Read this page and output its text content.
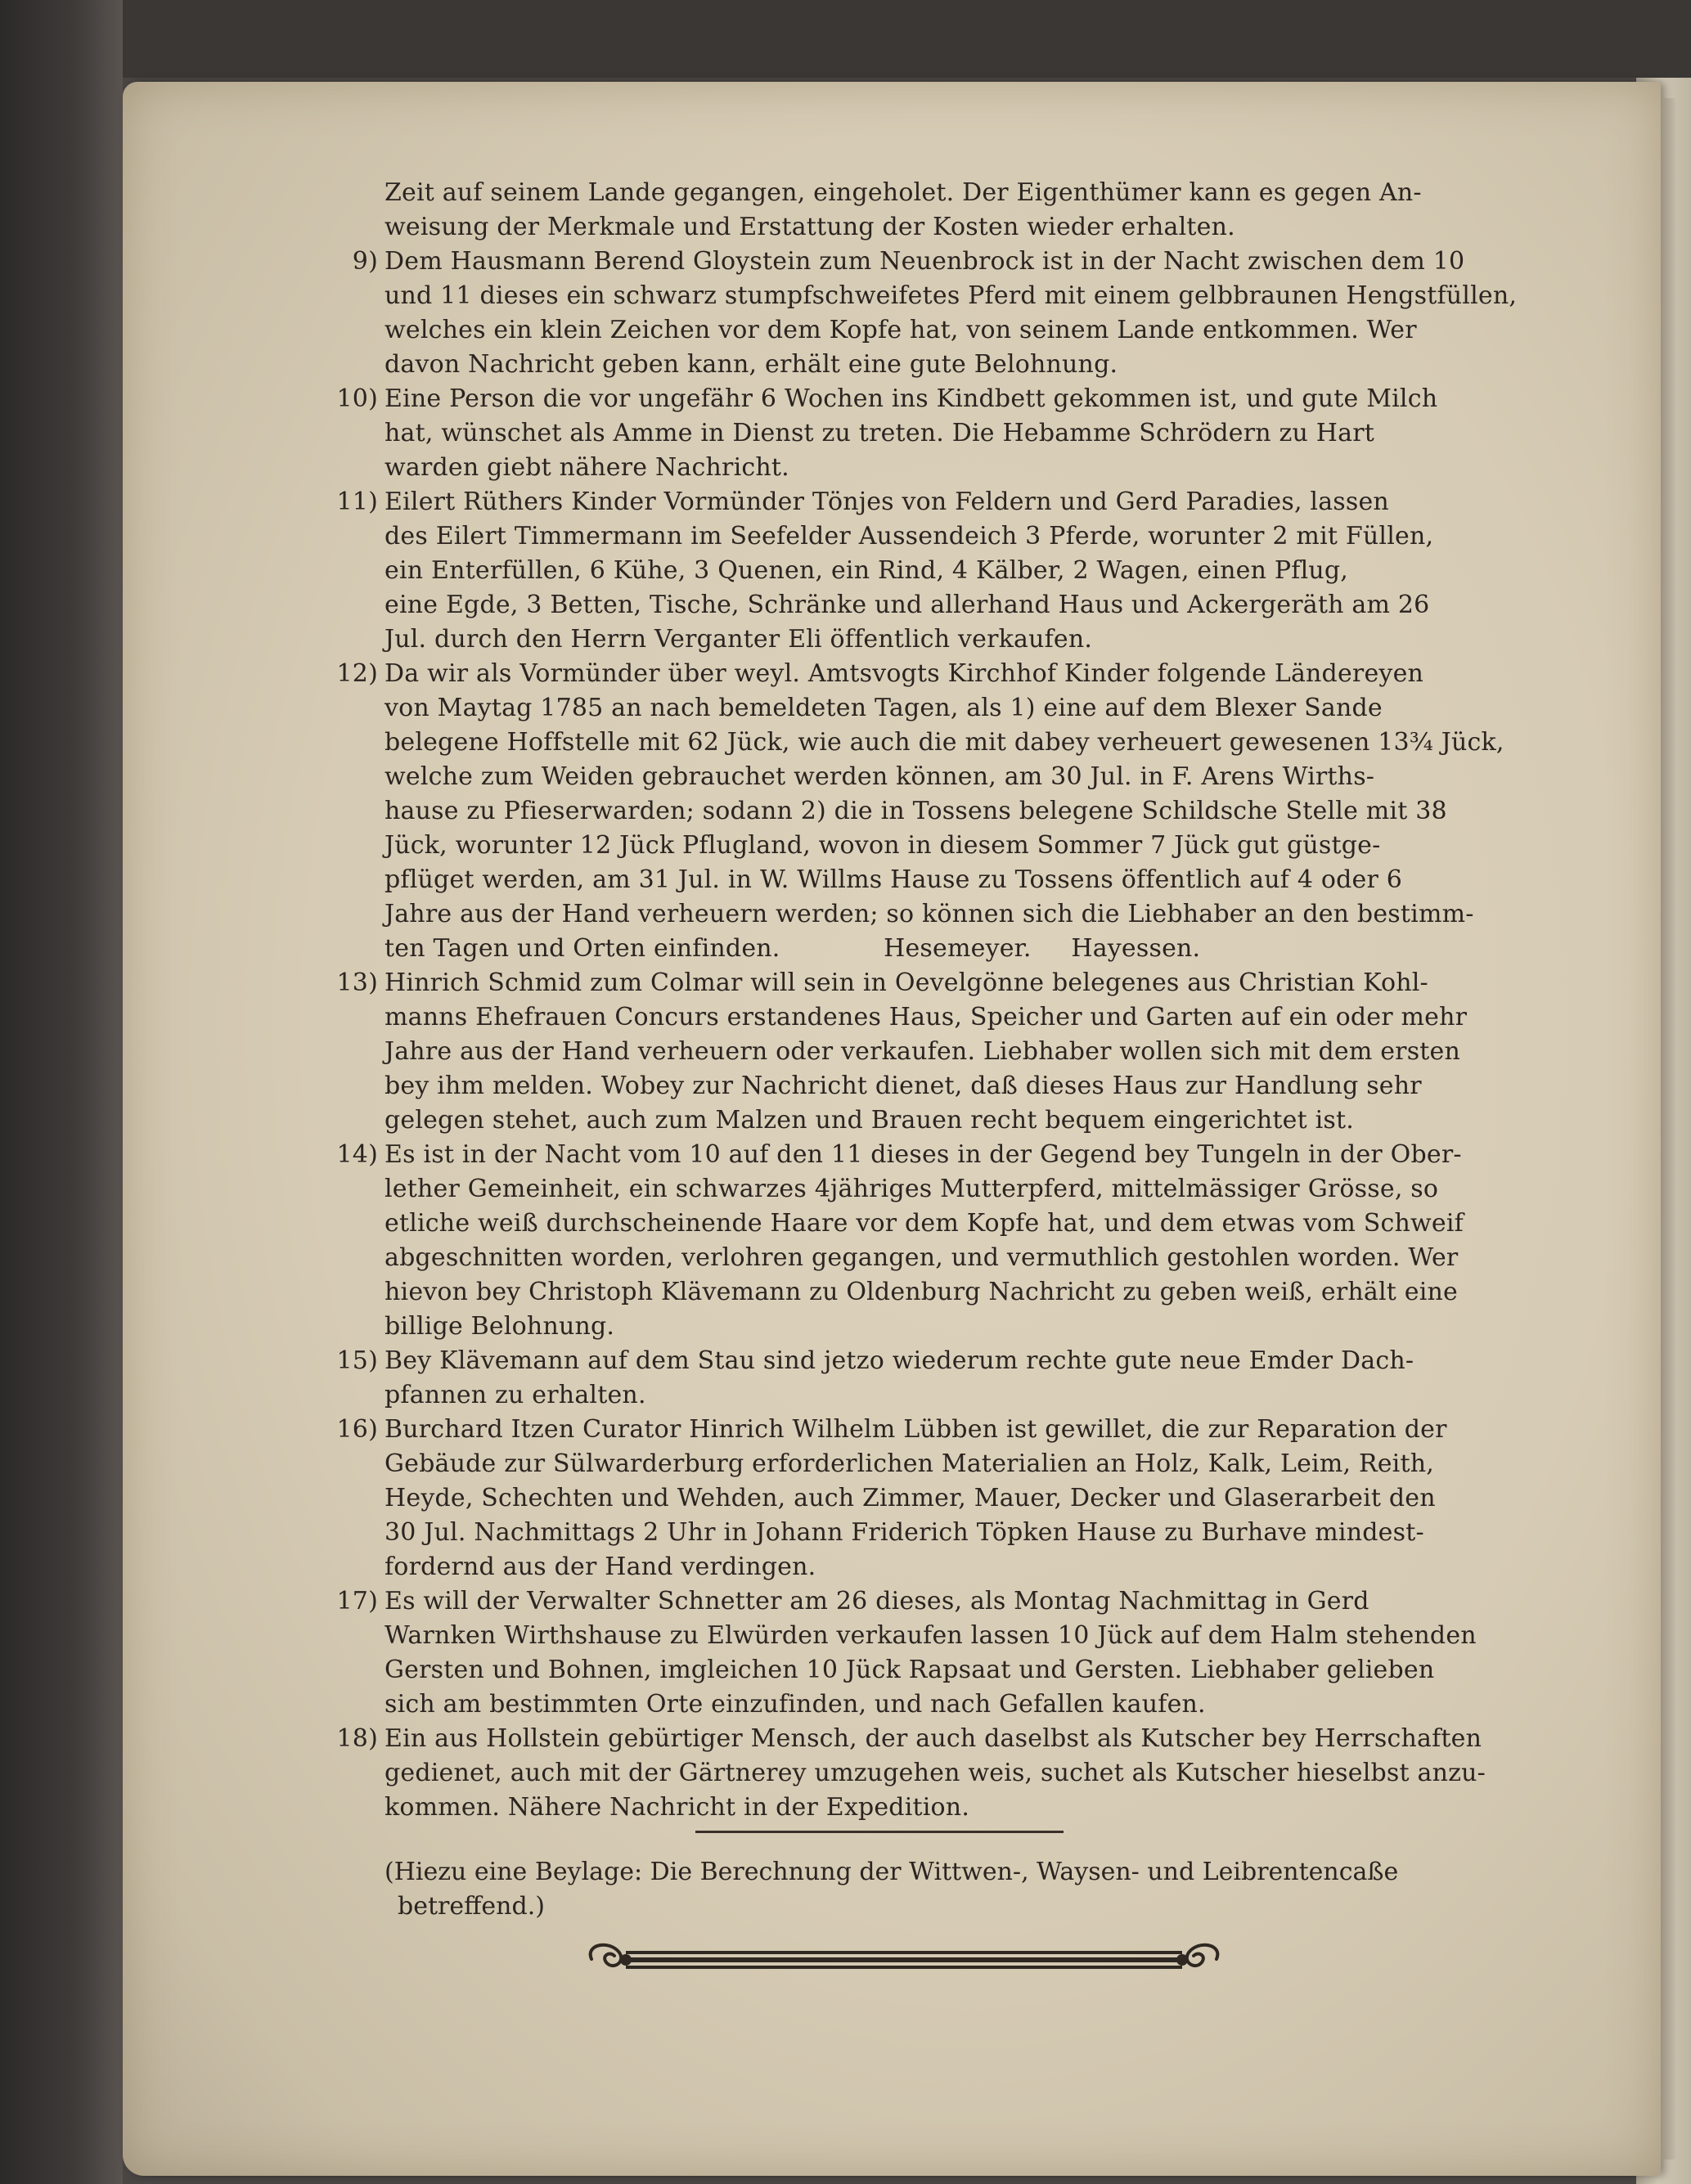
Zeit auf seinem Lande gegangen, eingeholet. Der Eigenthümer kann es gegen An-
weisung der Merkmale und Erstattung der Kosten wieder erhalten.
9) Dem Hausmann Berend Gloystein zum Neuenbrock ist in der Nacht zwischen dem 10
und 11 dieses ein schwarz stumpfschweifetes Pferd mit einem gelbbraunen Hengstfüllen,
welches ein klein Zeichen vor dem Kopfe hat, von seinem Lande entkommen. Wer
davon Nachricht geben kann, erhält eine gute Belohnung.
10) Eine Person die vor ungefähr 6 Wochen ins Kindbett gekommen ist, und gute Milch
hat, wünschet als Amme in Dienst zu treten. Die Hebamme Schrödern zu Hart
warden giebt nähere Nachricht.
11) Eilert Rüthers Kinder Vormünder Tönjes von Feldern und Gerd Paradies, lassen
des Eilert Timmermann im Seefelder Aussendeich 3 Pferde, worunter 2 mit Füllen,
ein Enterfüllen, 6 Kühe, 3 Quenen, ein Rind, 4 Kälber, 2 Wagen, einen Pflug,
eine Egde, 3 Betten, Tische, Schränke und allerhand Haus und Ackergeräth am 26
Jul. durch den Herrn Verganter Eli öffentlich verkaufen.
12) Da wir als Vormünder über weyl. Amtsvogts Kirchhof Kinder folgende Ländereyen
von Maytag 1785 an nach bemeldeten Tagen, als 1) eine auf dem Blexer Sande
belegene Hoffstelle mit 62 Jück, wie auch die mit dabey verheuert gewesenen 13¾ Jück,
welche zum Weiden gebrauchet werden können, am 30 Jul. in F. Arens Wirths-
hause zu Pfieserwarden; sodann 2) die in Tossens belegene Schildsche Stelle mit 38
Jück, worunter 12 Jück Pflugland, wovon in diesem Sommer 7 Jück gut güstge-
pflüget werden, am 31 Jul. in W. Willms Hause zu Tossens öffentlich auf 4 oder 6
Jahre aus der Hand verheuern werden; so können sich die Liebhaber an den bestimm-
ten Tagen und Orten einfinden.             Hesemeyer.     Hayessen.
13) Hinrich Schmid zum Colmar will sein in Oevelgönne belegenes aus Christian Kohl-
manns Ehefrauen Concurs erstandenes Haus, Speicher und Garten auf ein oder mehr
Jahre aus der Hand verheuern oder verkaufen. Liebhaber wollen sich mit dem ersten
bey ihm melden. Wobey zur Nachricht dienet, daß dieses Haus zur Handlung sehr
gelegen stehet, auch zum Malzen und Brauen recht bequem eingerichtet ist.
14) Es ist in der Nacht vom 10 auf den 11 dieses in der Gegend bey Tungeln in der Ober-
lether Gemeinheit, ein schwarzes 4jähriges Mutterpferd, mittelmässiger Grösse, so
etliche weiß durchscheinende Haare vor dem Kopfe hat, und dem etwas vom Schweif
abgeschnitten worden, verlohren gegangen, und vermuthlich gestohlen worden. Wer
hievon bey Christoph Klävemann zu Oldenburg Nachricht zu geben weiß, erhält eine
billige Belohnung.
15) Bey Klävemann auf dem Stau sind jetzo wiederum rechte gute neue Emder Dach-
pfannen zu erhalten.
16) Burchard Itzen Curator Hinrich Wilhelm Lübben ist gewillet, die zur Reparation der
Gebäude zur Sülwarderburg erforderlichen Materialien an Holz, Kalk, Leim, Reith,
Heyde, Schechten und Wehden, auch Zimmer, Mauer, Decker und Glaserarbeit den
30 Jul. Nachmittags 2 Uhr in Johann Friderich Töpken Hause zu Burhave mindest-
fordernd aus der Hand verdingen.
17) Es will der Verwalter Schnetter am 26 dieses, als Montag Nachmittag in Gerd
Warnken Wirthshause zu Elwürden verkaufen lassen 10 Jück auf dem Halm stehenden
Gersten und Bohnen, imgleichen 10 Jück Rapsaat und Gersten. Liebhaber gelieben
sich am bestimmten Orte einzufinden, und nach Gefallen kaufen.
18) Ein aus Hollstein gebürtiger Mensch, der auch daselbst als Kutscher bey Herrschaften
gedienet, auch mit der Gärtnerey umzugehen weis, suchet als Kutscher hieselbst anzu-
kommen. Nähere Nachricht in der Expedition.
(Hiezu eine Beylage: Die Berechnung der Wittwen-, Waysen- und Leibrentencaße
betreffend.)
